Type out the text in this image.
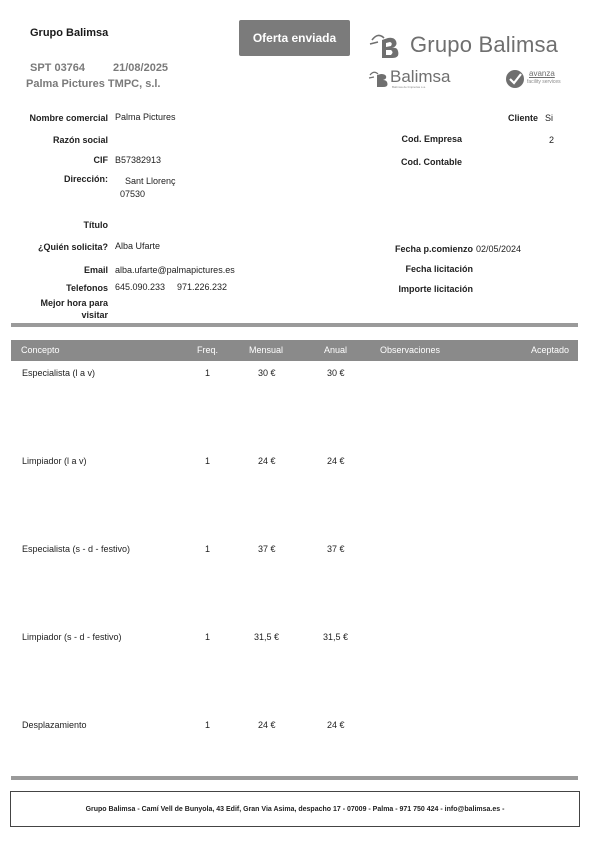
Grupo Balimsa
SPT 03764	21/08/2025
Palma Pictures TMPC, s.l.
Oferta enviada	Grupo Balimsa
Balimsa
Balimsa de limpiezas s.a.
avanza
facility services
Nombre comercial Palma Pictures
Razón social
CIF B57382913
Dirección: Sant Llorenç
07530
Título
¿Quién solicita? Alba Ufarte
Email alba.ufarte@palmapictures.es
Telefonos 645.090.233 971.226.232
Mejor hora para
visitar
Cliente Si
Cod. Empresa	2
Cod. Contable
Fecha p.comienzo 02/05/2024
Fecha licitación
Importe licitación
Concepto	Freq.	Mensual	Anual	Observaciones	Aceptado
Especialista (l a v)	1	30 €	30 €
Limpiador (l a v)	1	24 €	24 €
Especialista (s - d - festivo)	1	37 €	37 €
Limpiador (s - d - festivo)	1	31,5 €	31,5 €
Desplazamiento	1	24 €	24 €
Grupo Balimsa - Camí Vell de Bunyola, 43 Edif, Gran Via Asima, despacho 17 - 07009 - Palma - 971 750 424 - info@balimsa.es -
